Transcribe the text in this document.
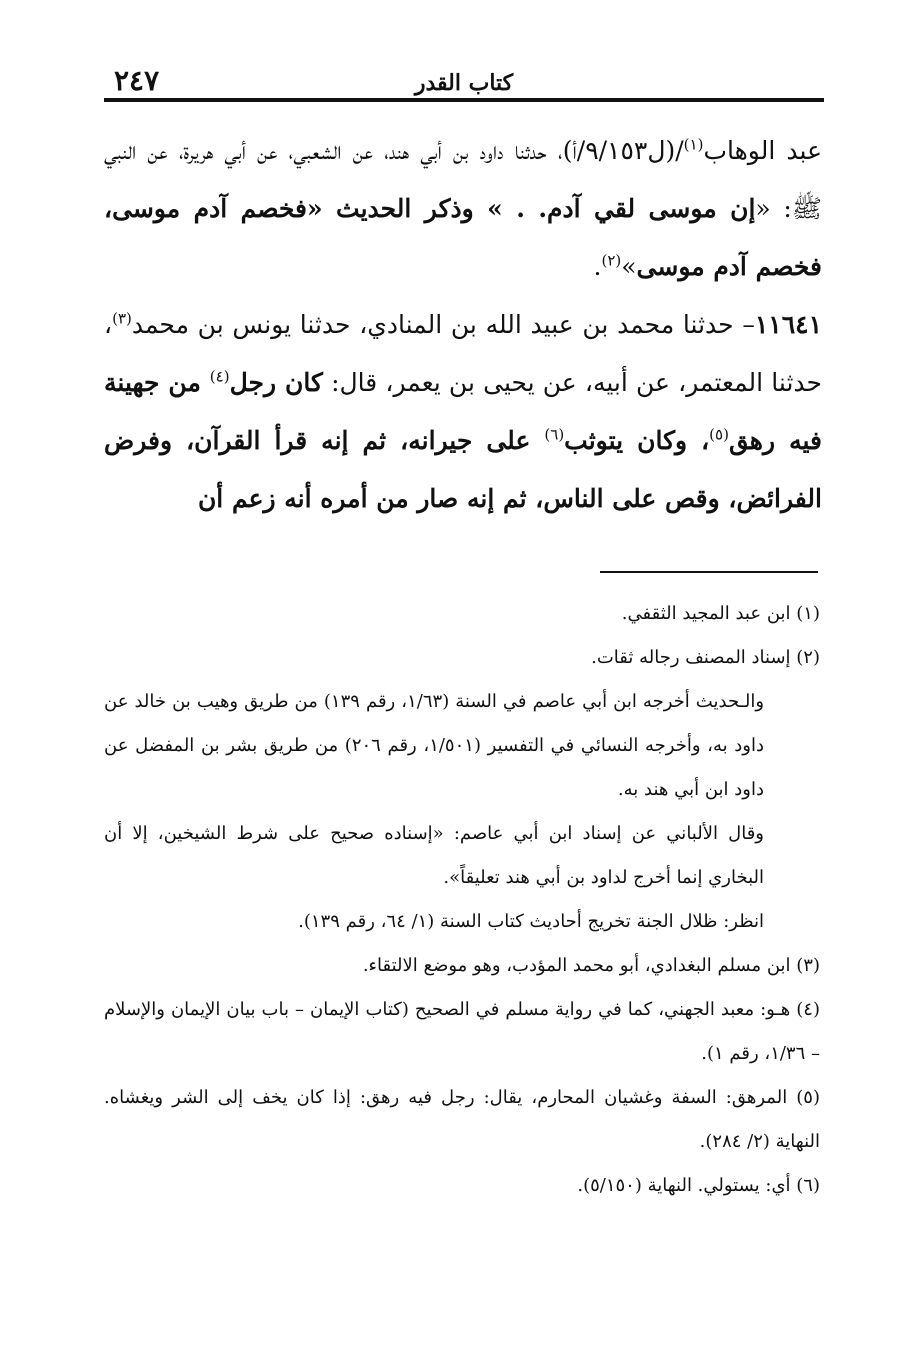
٢٤٧	كتاب القدر

عبد الوهاب$^{(١)}$/(ل٩/١٥٣/أ)، حدثنا داود بن أبي هند، عن الشعبي، عن أبي هريرة، عن النبي ﷺ: «إن موسى لقي آدم. . » وذكر الحديث «فخصم آدم موسى، فخصم آدم موسى»$^{(٢)}$.

١١٦٤١– حدثنا محمد بن عبيد الله بن المنادي، حدثنا يونس بن محمد$^{(٣)}$، حدثنا المعتمر، عن أبيه، عن يحيى بن يعمر، قال: كان رجل$^{(٤)}$ من جهينة فيه رهق$^{(٥)}$، وكان يتوثب$^{(٦)}$ على جيرانه، ثم إنه قرأ القرآن، وفرض الفرائض، وقص على الناس، ثم إنه صار من أمره أنه زعم أن

(١) ابن عبد المجيد الثقفي.

(٢) إسناد المصنف رجاله ثقات.

والـحديث أخرجه ابن أبي عاصم في السنة (١/٦٣، رقم ١٣٩) من طريق وهيب بن خالد عن داود به، وأخرجه النسائي في التفسير (١/٥٠١، رقم ٢٠٦) من طريق بشر بن المفضل عن داود ابن أبي هند به.

وقال الألباني عن إسناد ابن أبي عاصم: «إسناده صحيح على شرط الشيخين، إلا أن البخاري إنما أخرج لداود بن أبي هند تعليقاً».

انظر: ظلال الجنة تخريج أحاديث كتاب السنة (١/ ٦٤، رقم ١٣٩).

(٣) ابن مسلم البغدادي، أبو محمد المؤدب، وهو موضع الالتقاء.

(٤) هـو: معبد الجهني، كما في رواية مسلم في الصحيح (كتاب الإيمان – باب بيان الإيمان والإسلام – ١/٣٦، رقم ١).

(٥) المرهق: السفة وغشيان المحارم، يقال: رجل فيه رهق: إذا كان يخف إلى الشر ويغشاه. النهاية (٢/ ٢٨٤).

(٦) أي: يستولي. النهاية (٥/١٥٠).
